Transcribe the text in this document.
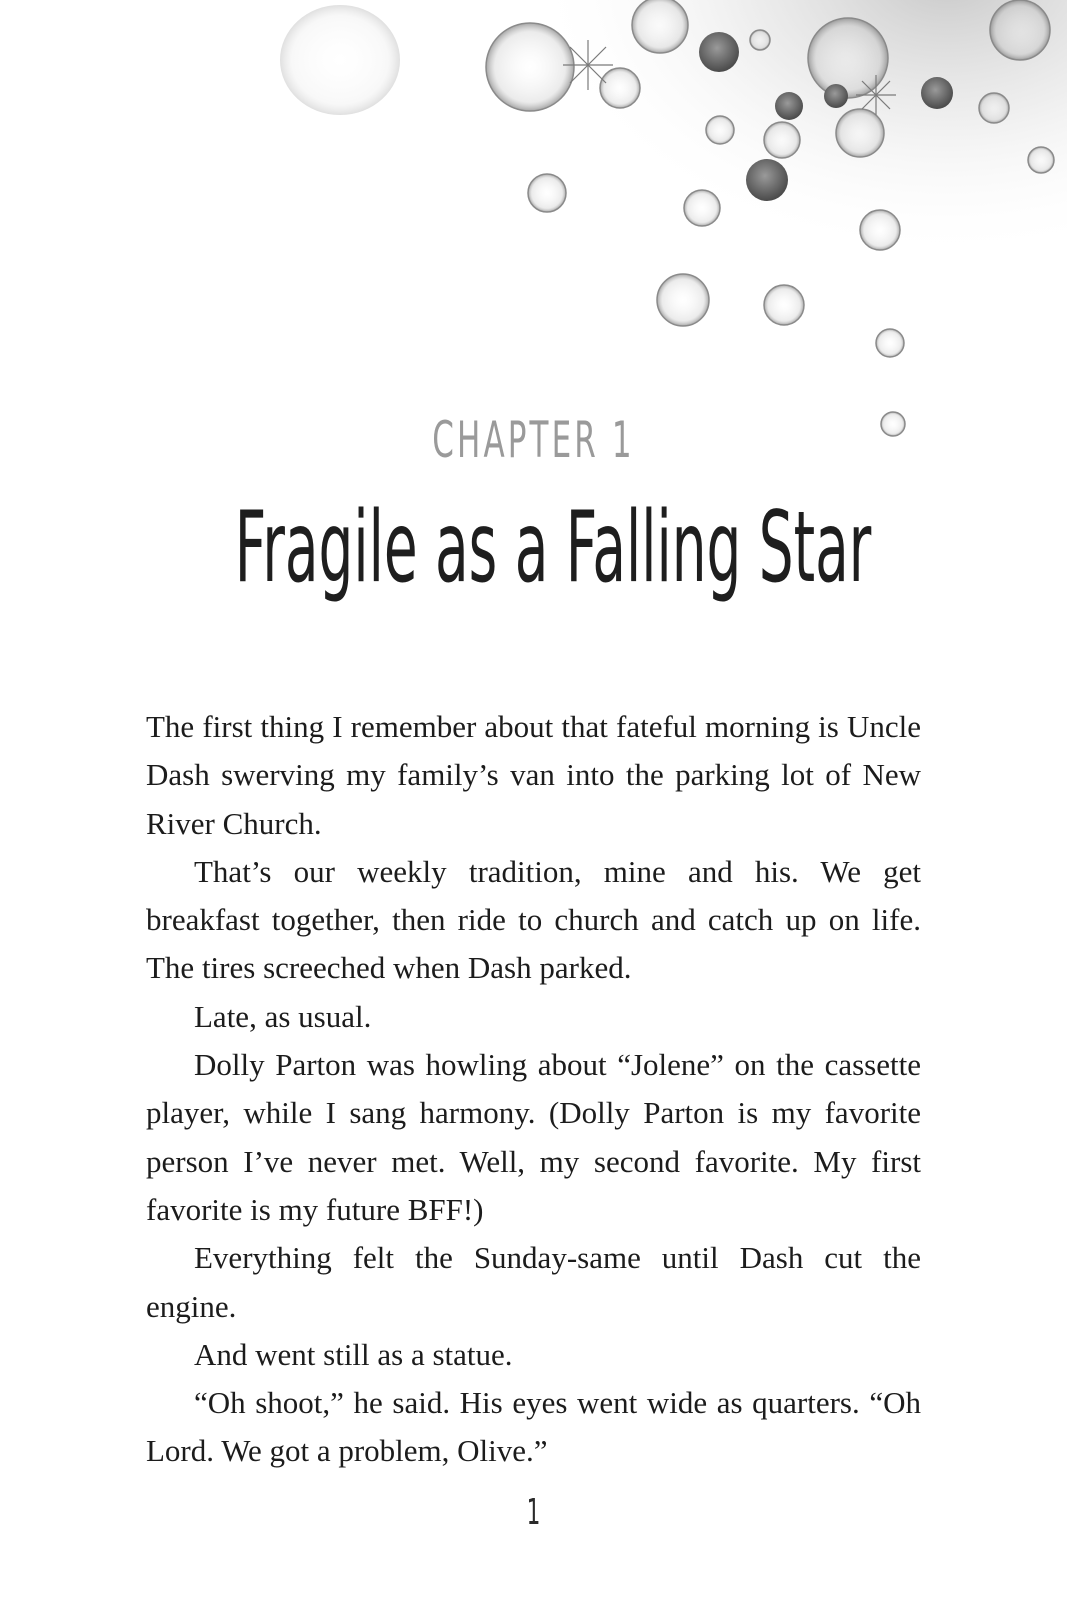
CHAPTER 1
Fragile as a Falling Star

The first thing I remember about that fateful morning is Uncle Dash swerving my family’s van into the parking lot of New River Church.

That’s our weekly tradition, mine and his. We get breakfast together, then ride to church and catch up on life. The tires screeched when Dash parked.

Late, as usual.

Dolly Parton was howling about “Jolene” on the cassette player, while I sang harmony. (Dolly Parton is my favorite person I’ve never met. Well, my second favorite. My first favorite is my future BFF!)

Everything felt the Sunday-same until Dash cut the engine.

And went still as a statue.

“Oh shoot,” he said. His eyes went wide as quarters. “Oh Lord. We got a problem, Olive.”

1
